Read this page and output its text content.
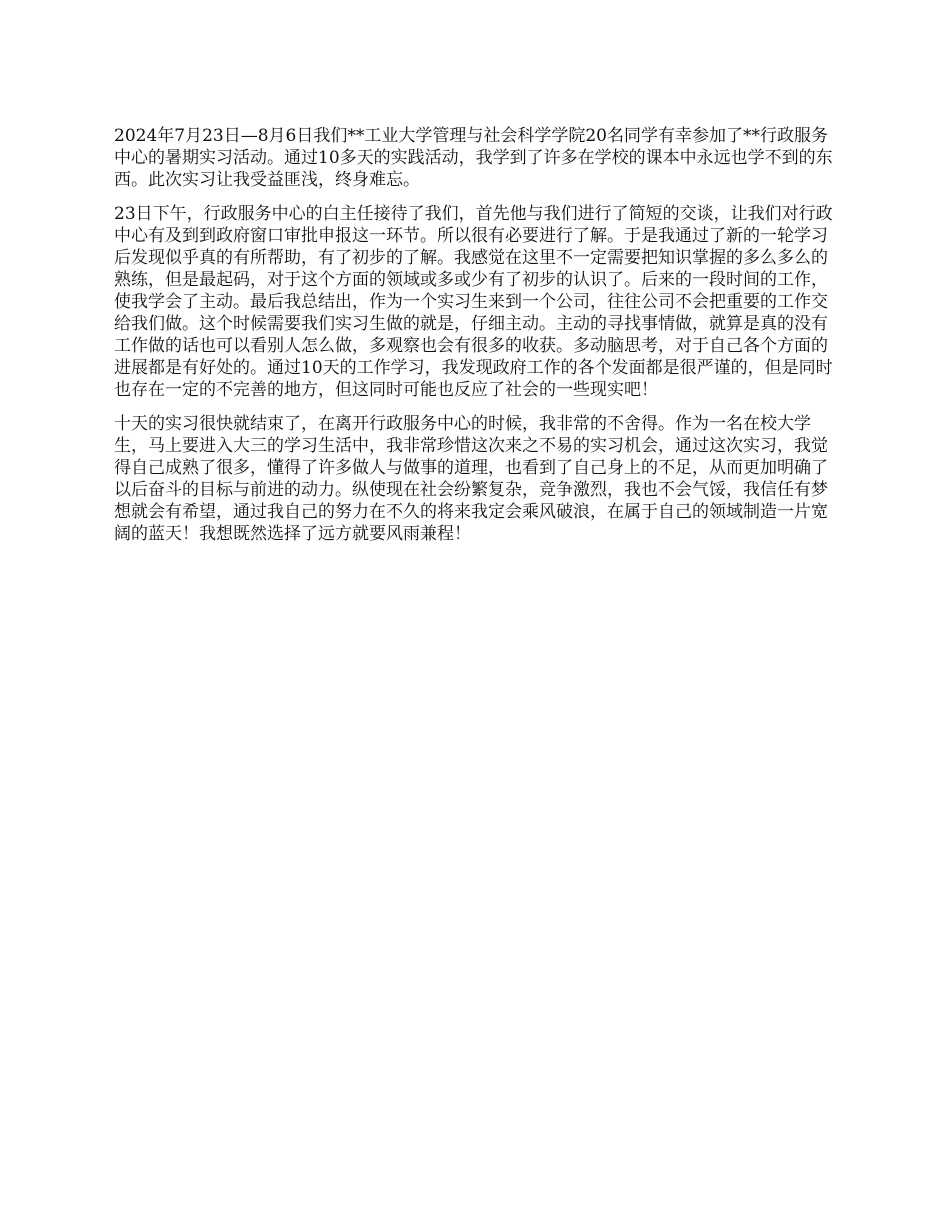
2024年7月23日—8月6日我们**工业大学管理与社会科学学院20名同学有幸参加了**行政服务中心的暑期实习活动。通过10多天的实践活动，我学到了许多在学校的课本中永远也学不到的东西。此次实习让我受益匪浅，终身难忘。

23日下午，行政服务中心的白主任接待了我们，首先他与我们进行了简短的交谈，让我们对行政中心有及到到政府窗口审批申报这一环节。所以很有必要进行了解。于是我通过了新的一轮学习后发现似乎真的有所帮助，有了初步的了解。我感觉在这里不一定需要把知识掌握的多么多么的熟练，但是最起码，对于这个方面的领域或多或少有了初步的认识了。后来的一段时间的工作，使我学会了主动。最后我总结出，作为一个实习生来到一个公司，往往公司不会把重要的工作交给我们做。这个时候需要我们实习生做的就是，仔细主动。主动的寻找事情做，就算是真的没有工作做的话也可以看别人怎么做，多观察也会有很多的收获。多动脑思考，对于自己各个方面的进展都是有好处的。通过10天的工作学习，我发现政府工作的各个发面都是很严谨的，但是同时也存在一定的不完善的地方，但这同时可能也反应了社会的一些现实吧！

十天的实习很快就结束了，在离开行政服务中心的时候，我非常的不舍得。作为一名在校大学生，马上要进入大三的学习生活中，我非常珍惜这次来之不易的实习机会，通过这次实习，我觉得自己成熟了很多，懂得了许多做人与做事的道理，也看到了自己身上的不足，从而更加明确了以后奋斗的目标与前进的动力。纵使现在社会纷繁复杂，竞争激烈，我也不会气馁，我信任有梦想就会有希望，通过我自己的努力在不久的将来我定会乘风破浪，在属于自己的领域制造一片宽阔的蓝天！我想既然选择了远方就要风雨兼程！
